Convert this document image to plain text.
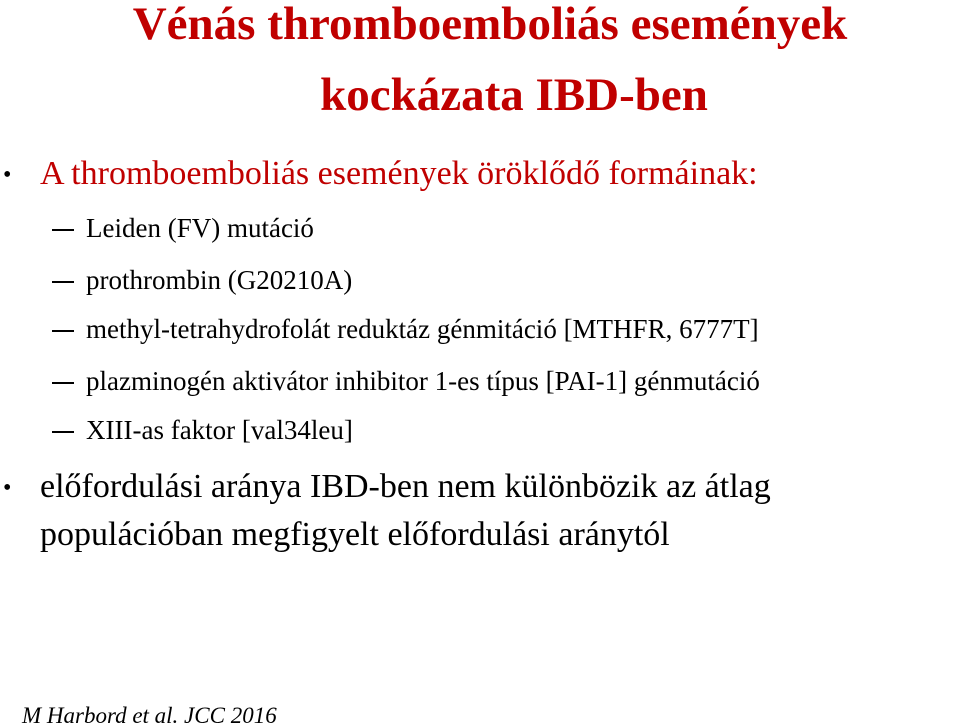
Vénás thromboemboliás események
kockázata IBD-ben
• A thromboemboliás események öröklődő formáinak:
Leiden (FV) mutáció
prothrombin (G20210A)
methyl-tetrahydrofolát reduktáz génmitáció [MTHFR, 6777T]
plazminogén aktivátor inhibitor 1-es típus [PAI-1] génmutáció
XIII-as faktor [val34leu]
• előfordulási aránya IBD-ben nem különbözik az átlag
populációban megfigyelt előfordulási aránytól
M Harbord et al. JCC 2016
